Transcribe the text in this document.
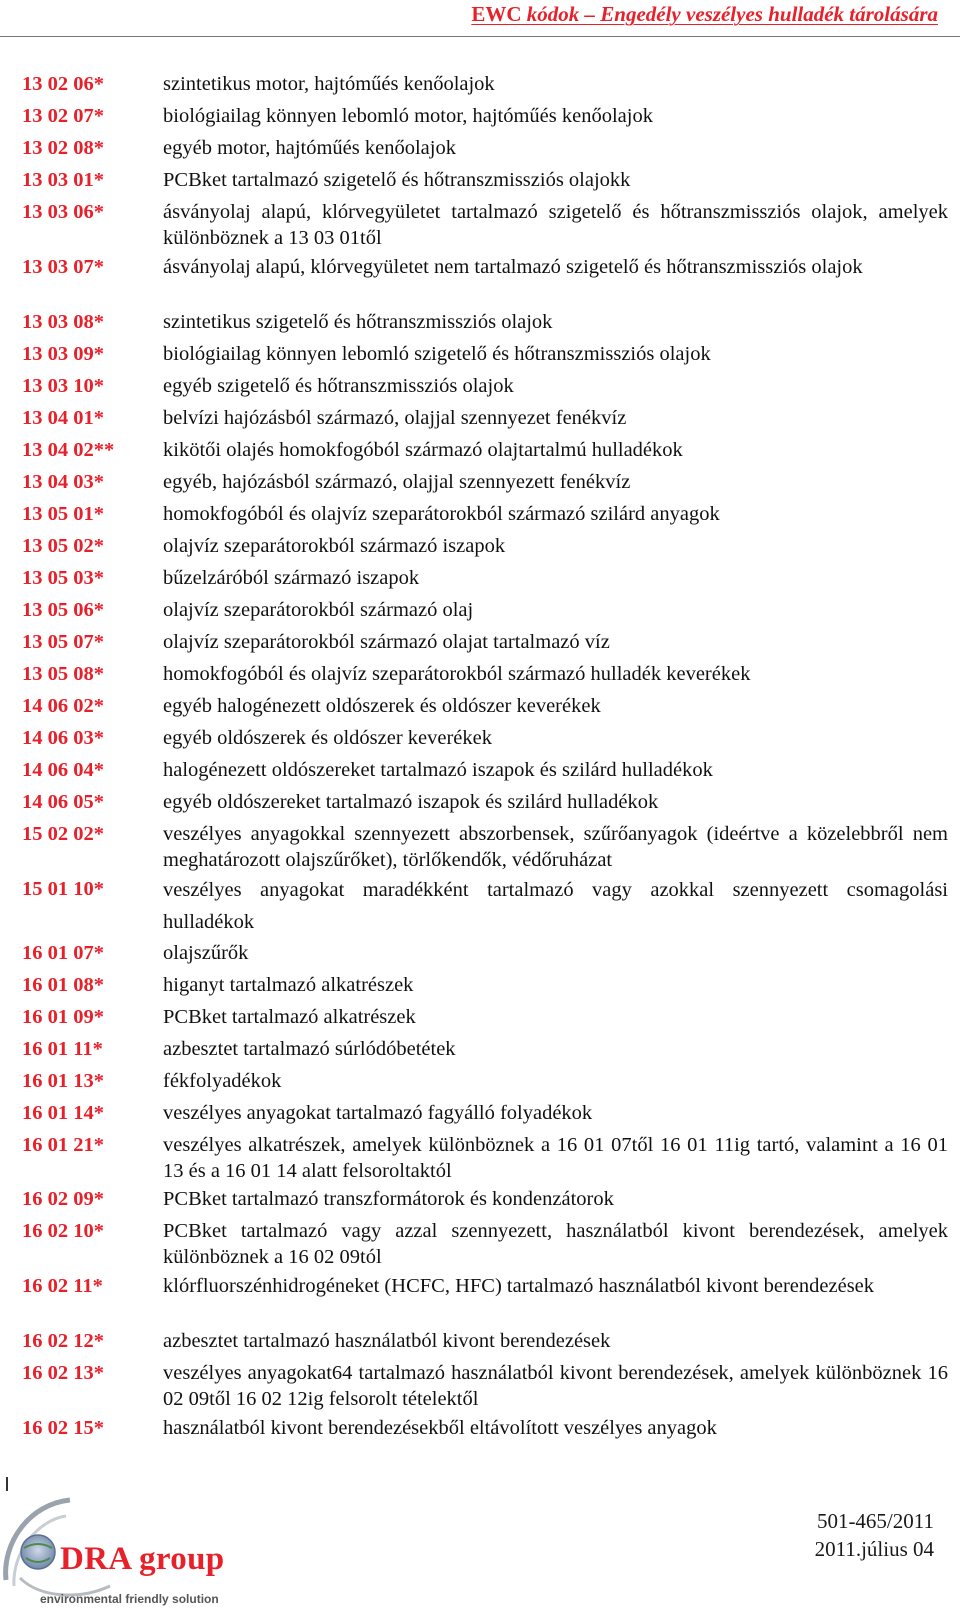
EWC kódok – Engedély veszélyes hulladék tárolására
13 02 06*	szintetikus motor, hajtóműés kenőolajok
13 02 07*	biológiailag könnyen lebomló motor, hajtóműés kenőolajok
13 02 08*	egyéb motor, hajtóműés kenőolajok
13 03 01*	PCBket tartalmazó szigetelő és hőtranszmissziós olajokk
13 03 06*	ásványolaj alapú, klórvegyületet tartalmazó szigetelő és hőtranszmissziós olajok, amelyek különböznek a 13 03 01től
13 03 07*	ásványolaj alapú, klórvegyületet nem tartalmazó szigetelő és hőtranszmissziós olajok
13 03 08*	szintetikus szigetelő és hőtranszmissziós olajok
13 03 09*	biológiailag könnyen lebomló szigetelő és hőtranszmissziós olajok
13 03 10*	egyéb szigetelő és hőtranszmissziós olajok
13 04 01*	belvízi hajózásból származó, olajjal szennyezet fenékvíz
13 04 02**	kikötői olajés homokfogóból származó olajtartalmú hulladékok
13 04 03*	egyéb, hajózásból származó, olajjal szennyezett fenékvíz
13 05 01*	homokfogóból és olajvíz szeparátorokból származó szilárd anyagok
13 05 02*	olajvíz szeparátorokból származó iszapok
13 05 03*	bűzelzáróból származó iszapok
13 05 06*	olajvíz szeparátorokból származó olaj
13 05 07*	olajvíz szeparátorokból származó olajat tartalmazó víz
13 05 08*	homokfogóból és olajvíz szeparátorokból származó hulladék keverékek
14 06 02*	egyéb halogénezett oldószerek és oldószer keverékek
14 06 03*	egyéb oldószerek és oldószer keverékek
14 06 04*	halogénezett oldószereket tartalmazó iszapok és szilárd hulladékok
14 06 05*	egyéb oldószereket tartalmazó iszapok és szilárd hulladékok
15 02 02*	veszélyes anyagokkal szennyezett abszorbensek, szűrőanyagok (ideértve a közelebbről nem meghatározott olajszűrőket), törlőkendők, védőruházat
15 01 10*	veszélyes anyagokat maradékként tartalmazó vagy azokkal szennyezett csomagolási hulladékok
16 01 07*	olajszűrők
16 01 08*	higanyt tartalmazó alkatrészek
16 01 09*	PCBket tartalmazó alkatrészek
16 01 11*	azbesztet tartalmazó súrlódóbetétek
16 01 13*	fékfolyadékok
16 01 14*	veszélyes anyagokat tartalmazó fagyálló folyadékok
16 01 21*	veszélyes alkatrészek, amelyek különböznek a 16 01 07től 16 01 11ig tartó, valamint a 16 01 13 és a 16 01 14 alatt felsoroltaktól
16 02 09*	PCBket tartalmazó transzformátorok és kondenzátorok
16 02 10*	PCBket tartalmazó vagy azzal szennyezett, használatból kivont berendezések, amelyek különböznek a 16 02 09tól
16 02 11*	klórfluorszénhidrogéneket (HCFC, HFC) tartalmazó használatból kivont berendezések
16 02 12*	azbesztet tartalmazó használatból kivont berendezések
16 02 13*	veszélyes anyagokat64 tartalmazó használatból kivont berendezések, amelyek különböznek 16 02 09től 16 02 12ig felsorolt tételektől
16 02 15*	használatból kivont berendezésekből eltávolított veszélyes anyagok
DRA group
environmental friendly solution
501-465/2011
2011.július 04
